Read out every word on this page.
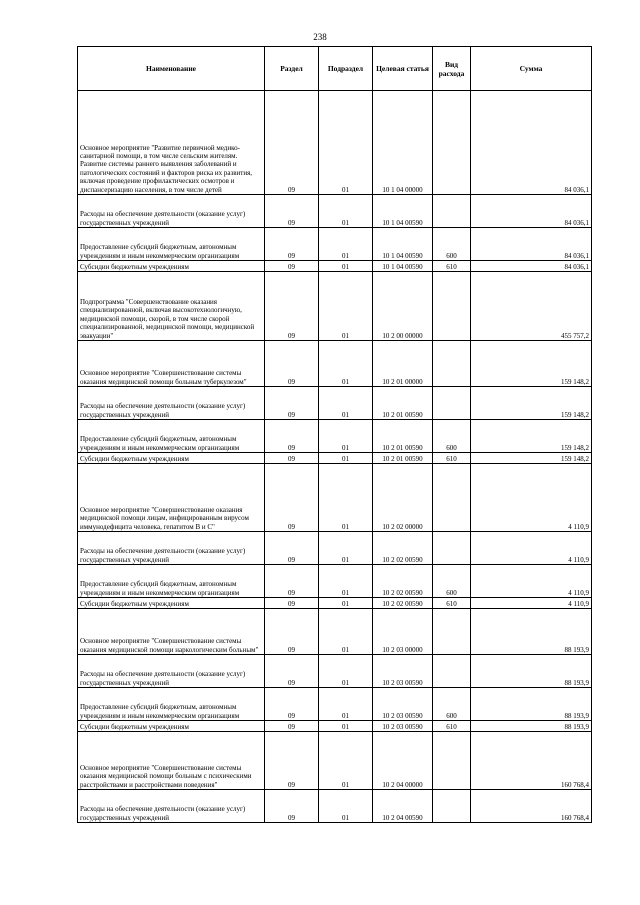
238
Наименование	Раздел	Подраздел	Целевая статья	Вид расхода	Сумма
Основное мероприятие "Развитие первичной медико-санитарной помощи, в том числе сельским жителям. Развитие системы раннего выявления заболеваний и патологических состояний и факторов риска их развития, включая проведение профилактических осмотров и диспансеризацию населения, в том числе детей	09	01	10 1 04 00000		84 036,1
Расходы на обеспечение деятельности (оказание услуг) государственных учреждений	09	01	10 1 04 00590		84 036,1
Предоставление субсидий бюджетным, автономным учреждениям и иным некоммерческим организациям	09	01	10 1 04 00590	600	84 036,1
Субсидии бюджетным учреждениям	09	01	10 1 04 00590	610	84 036,1
Подпрограмма "Совершенствование оказания специализированной, включая высокотехнологичную, медицинской помощи, скорой, в том числе скорой специализированной, медицинской помощи, медицинской эвакуации"	09	01	10 2 00 00000		455 757,2
Основное мероприятие "Совершенствование системы оказания медицинской помощи больным туберкулезом"	09	01	10 2 01 00000		159 148,2
Расходы на обеспечение деятельности (оказание услуг) государственных учреждений	09	01	10 2 01 00590		159 148,2
Предоставление субсидий бюджетным, автономным учреждениям и иным некоммерческим организациям	09	01	10 2 01 00590	600	159 148,2
Субсидии бюджетным учреждениям	09	01	10 2 01 00590	610	159 148,2
Основное мероприятие "Совершенствование оказания медицинской помощи лицам, инфицированным вирусом иммунодефицита человека, гепатитом B и C"	09	01	10 2 02 00000		4 110,9
Расходы на обеспечение деятельности (оказание услуг) государственных учреждений	09	01	10 2 02 00590		4 110,9
Предоставление субсидий бюджетным, автономным учреждениям и иным некоммерческим организациям	09	01	10 2 02 00590	600	4 110,9
Субсидии бюджетным учреждениям	09	01	10 2 02 00590	610	4 110,9
Основное мероприятие "Совершенствование системы оказания медицинской помощи наркологическим больным"	09	01	10 2 03 00000		88 193,9
Расходы на обеспечение деятельности (оказание услуг) государственных учреждений	09	01	10 2 03 00590		88 193,9
Предоставление субсидий бюджетным, автономным учреждениям и иным некоммерческим организациям	09	01	10 2 03 00590	600	88 193,9
Субсидии бюджетным учреждениям	09	01	10 2 03 00590	610	88 193,9
Основное мероприятие "Совершенствование системы оказания медицинской помощи больным с психическими расстройствами и расстройствами поведения"	09	01	10 2 04 00000		160 768,4
Расходы на обеспечение деятельности (оказание услуг) государственных учреждений	09	01	10 2 04 00590		160 768,4
